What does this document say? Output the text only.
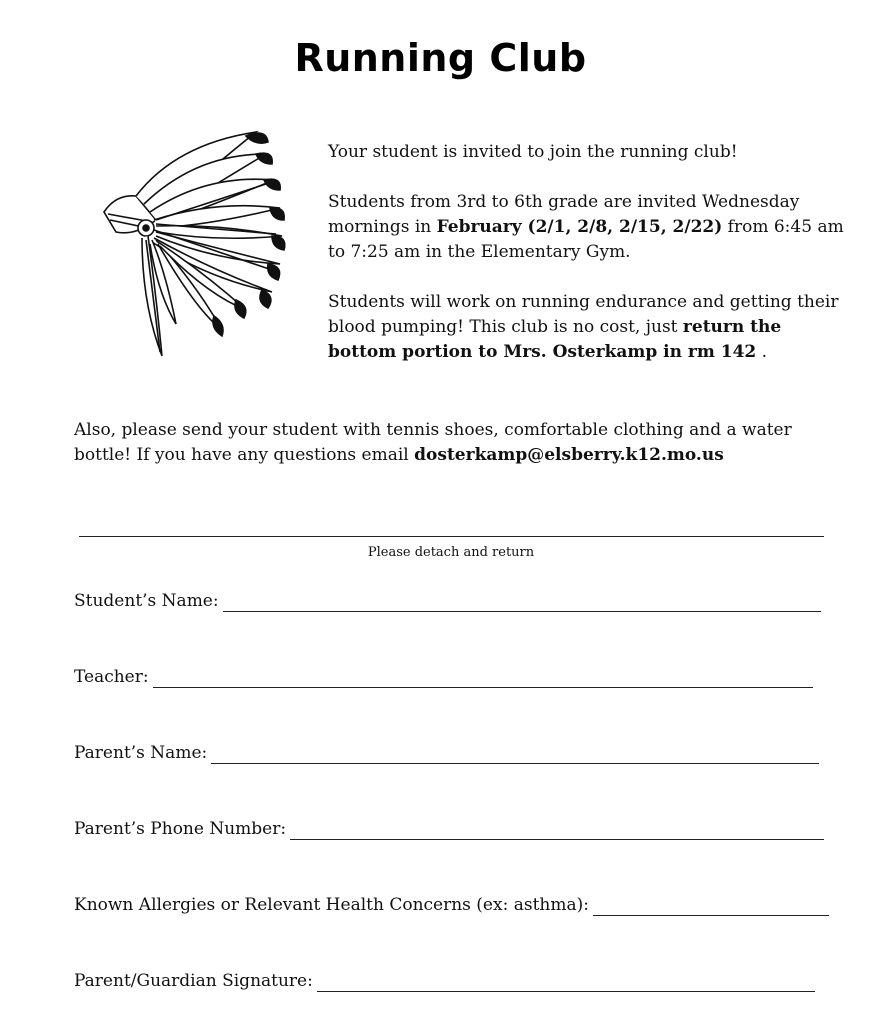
Running Club

Your student is invited to join the running club!

Students from 3rd to 6th grade are invited Wednesday mornings in February (2/1, 2/8, 2/15, 2/22) from 6:45 am to 7:25 am in the Elementary Gym.

Students will work on running endurance and getting their blood pumping! This club is no cost, just return the bottom portion to Mrs. Osterkamp in rm 142 .

Also, please send your student with tennis shoes, comfortable clothing and a water bottle! If you have any questions email dosterkamp@elsberry.k12.mo.us
Please detach and return
Student’s Name:
Teacher:
Parent’s Name:
Parent’s Phone Number:
Known Allergies or Relevant Health Concerns (ex: asthma):
Parent/Guardian Signature:
